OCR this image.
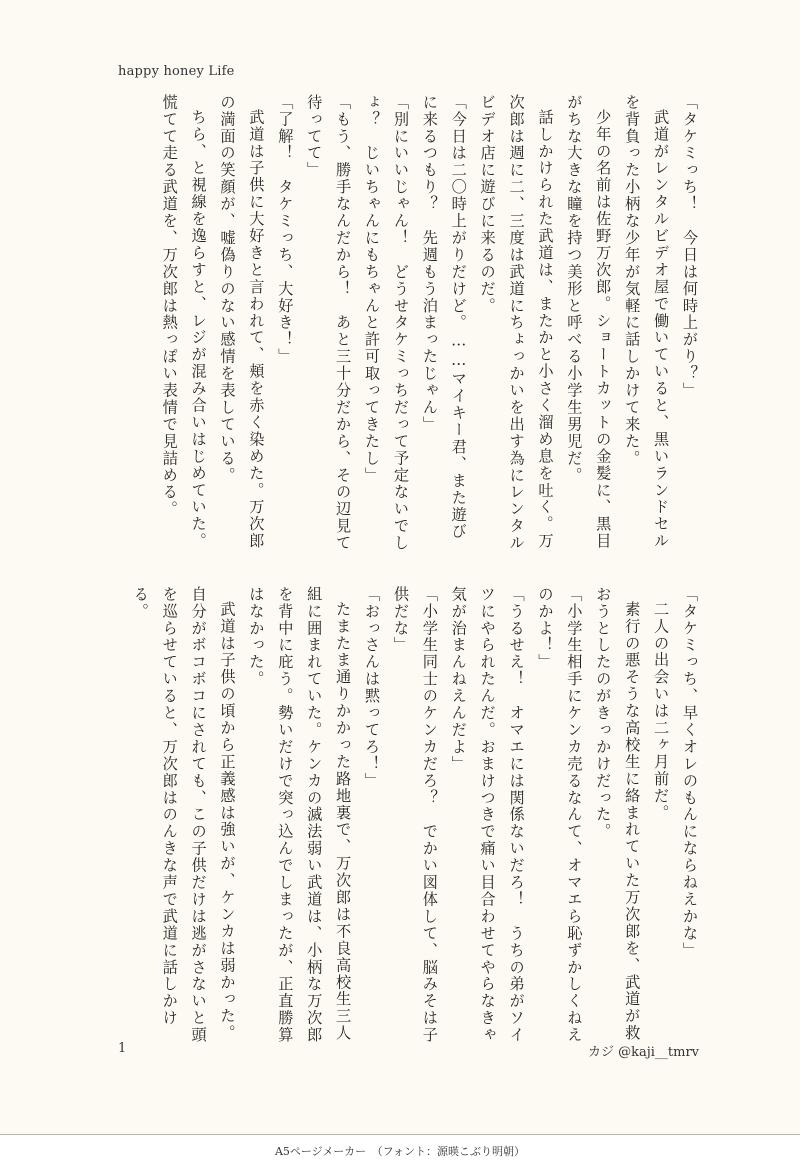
happy honey Life

「タケミっち！　今日は何時上がり？」

武道がレンタルビデオ屋で働いていると、黒いランドセルを背負った小柄な少年が気軽に話しかけて来た。

少年の名前は佐野万次郎。ショートカットの金髪に、黒目がちな大きな瞳を持つ美形と呼べる小学生男児だ。

話しかけられた武道は、またかと小さく溜め息を吐く。万次郎は週に二、三度は武道にちょっかいを出す為にレンタルビデオ店に遊びに来るのだ。

「今日は二〇時上がりだけど。……マイキー君、また遊びに来るつもり？　先週もう泊まったじゃん」

「別にいいじゃん！　どうせタケミっちだって予定ないでしょ？　じいちゃんにもちゃんと許可取ってきたし」

「もう、勝手なんだから！　あと三十分だから、その辺見て待ってて」

「了解！　タケミっち、大好き！」

武道は子供に大好きと言われて、頬を赤く染めた。万次郎の満面の笑顔が、嘘偽りのない感情を表している。

ちら、と視線を逸らすと、レジが混み合いはじめていた。慌てて走る武道を、万次郎は熱っぽい表情で見詰める。

「タケミっち、早くオレのもんにならねえかな」

二人の出会いは二ヶ月前だ。

素行の悪そうな高校生に絡まれていた万次郎を、武道が救おうとしたのがきっかけだった。

「小学生相手にケンカ売るなんて、オマエら恥ずかしくねえのかよ！」

「うるせえ！　オマエには関係ないだろ！　うちの弟がソイツにやられたんだ。おまけつきで痛い目合わせてやらなきゃ気が治まんねえんだよ」

「小学生同士のケンカだろ？　でかい図体して、脳みそは子供だな」

「おっさんは黙ってろ！」

たまたま通りかかった路地裏で、万次郎は不良高校生三人組に囲まれていた。ケンカの滅法弱い武道は、小柄な万次郎を背中に庇う。勢いだけで突っ込んでしまったが、正直勝算はなかった。

武道は子供の頃から正義感は強いが、ケンカは弱かった。自分がボコボコにされても、この子供だけは逃がさないと頭を巡らせていると、万次郎はのんきな声で武道に話しかける。

1	カジ @kaji__tmrv
A5ページメーカー　（フォント：源暎こぶり明朝）
